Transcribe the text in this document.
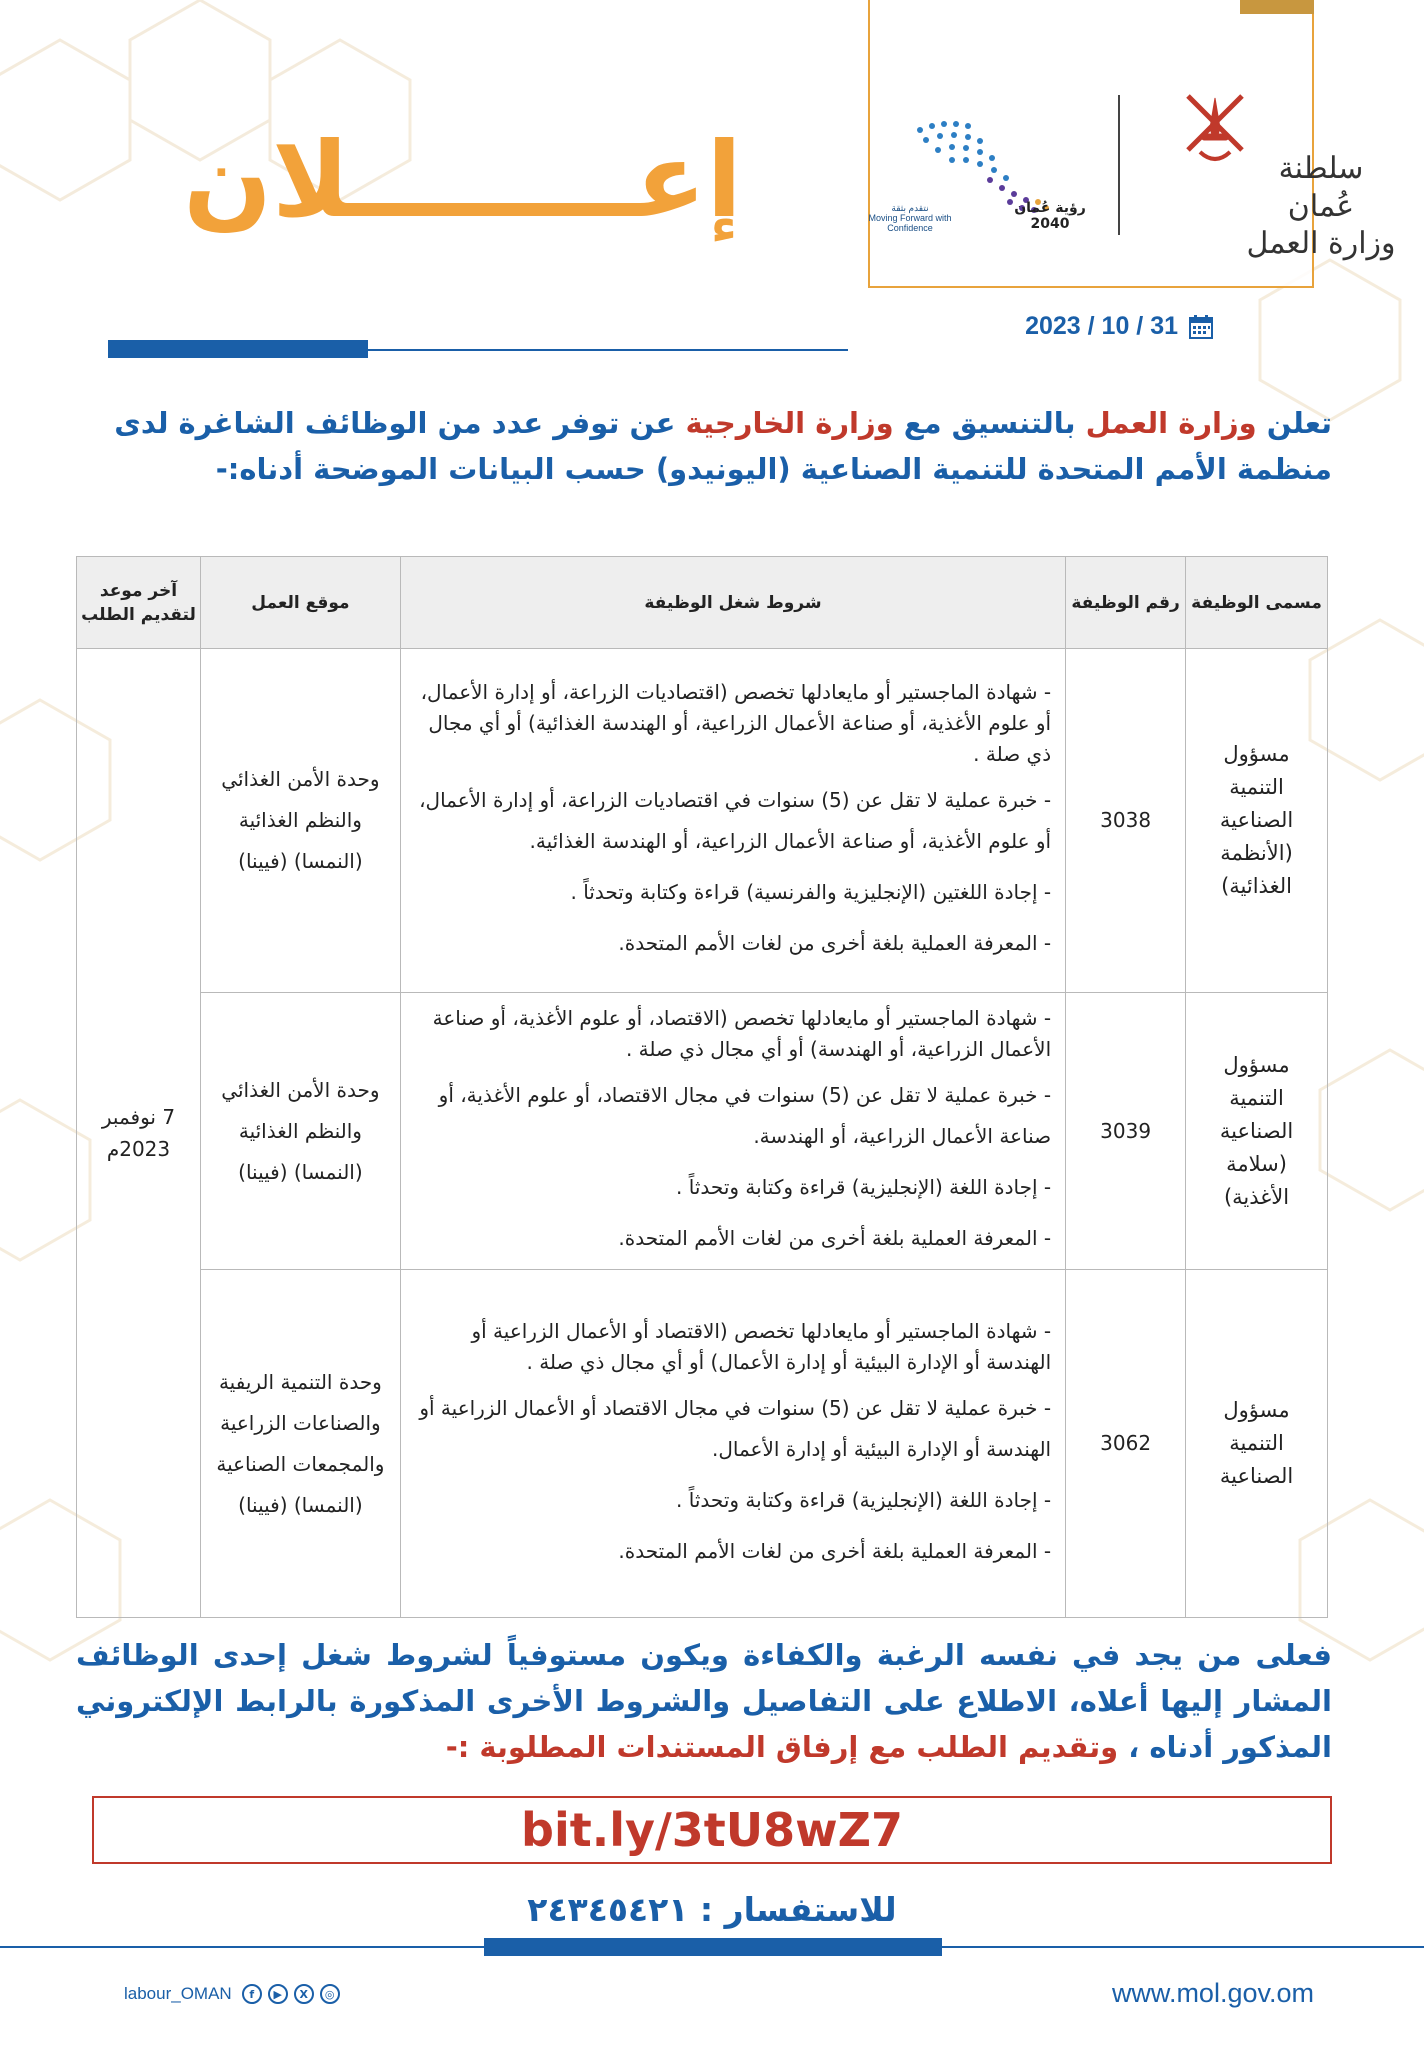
سلطنة عُمان
وزارة العمل
رؤية عُمان 2040
نتقدم بثقة
Moving Forward with Confidence
إعــــــــلان
2023 / 10 / 31
تعلن وزارة العمل بالتنسيق مع وزارة الخارجية عن توفر عدد من الوظائف الشاغرة لدى منظمة الأمم المتحدة للتنمية الصناعية (اليونيدو) حسب البيانات الموضحة أدناه:-
مسمى الوظيفة	رقم الوظيفة	شروط شغل الوظيفة	موقع العمل	آخر موعد لتقديم الطلب
مسؤول التنمية الصناعية (الأنظمة الغذائية)	3038	- شهادة الماجستير أو مايعادلها تخصص (اقتصاديات الزراعة، أو إدارة الأعمال، أو علوم الأغذية، أو صناعة الأعمال الزراعية، أو الهندسة الغذائية) أو أي مجال ذي صلة .
- خبرة عملية لا تقل عن (5) سنوات في اقتصاديات الزراعة، أو إدارة الأعمال، أو علوم الأغذية، أو صناعة الأعمال الزراعية، أو الهندسة الغذائية.
- إجادة اللغتين (الإنجليزية والفرنسية) قراءة وكتابة وتحدثاً .
- المعرفة العملية بلغة أخرى من لغات الأمم المتحدة.	وحدة الأمن الغذائي والنظم الغذائية (النمسا) (فيينا)	7 نوفمبر 2023م
مسؤول التنمية الصناعية (سلامة الأغذية)	3039	- شهادة الماجستير أو مايعادلها تخصص (الاقتصاد، أو علوم الأغذية، أو صناعة الأعمال الزراعية، أو الهندسة) أو أي مجال ذي صلة .
- خبرة عملية لا تقل عن (5) سنوات في مجال الاقتصاد، أو علوم الأغذية، أو صناعة الأعمال الزراعية، أو الهندسة.
- إجادة اللغة (الإنجليزية) قراءة وكتابة وتحدثاً .
- المعرفة العملية بلغة أخرى من لغات الأمم المتحدة.	وحدة الأمن الغذائي والنظم الغذائية (النمسا) (فيينا)	
مسؤول التنمية الصناعية	3062	- شهادة الماجستير أو مايعادلها تخصص (الاقتصاد أو الأعمال الزراعية أو الهندسة أو الإدارة البيئية أو إدارة الأعمال) أو أي مجال ذي صلة .
- خبرة عملية لا تقل عن (5) سنوات في مجال الاقتصاد أو الأعمال الزراعية أو الهندسة أو الإدارة البيئية أو إدارة الأعمال.
- إجادة اللغة (الإنجليزية) قراءة وكتابة وتحدثاً .
- المعرفة العملية بلغة أخرى من لغات الأمم المتحدة.	وحدة التنمية الريفية والصناعات الزراعية والمجمعات الصناعية (النمسا) (فيينا)	
فعلى من يجد في نفسه الرغبة والكفاءة ويكون مستوفياً لشروط شغل إحدى الوظائف المشار إليها أعلاه، الاطلاع على التفاصيل والشروط الأخرى المذكورة بالرابط الإلكتروني المذكور أدناه ، وتقديم الطلب مع إرفاق المستندات المطلوبة :-
bit.ly/3tU8wZ7
للاستفسار : ٢٤٣٤٥٤٢١
www.mol.gov.om
labour_OMAN	f	▶	X	◎
